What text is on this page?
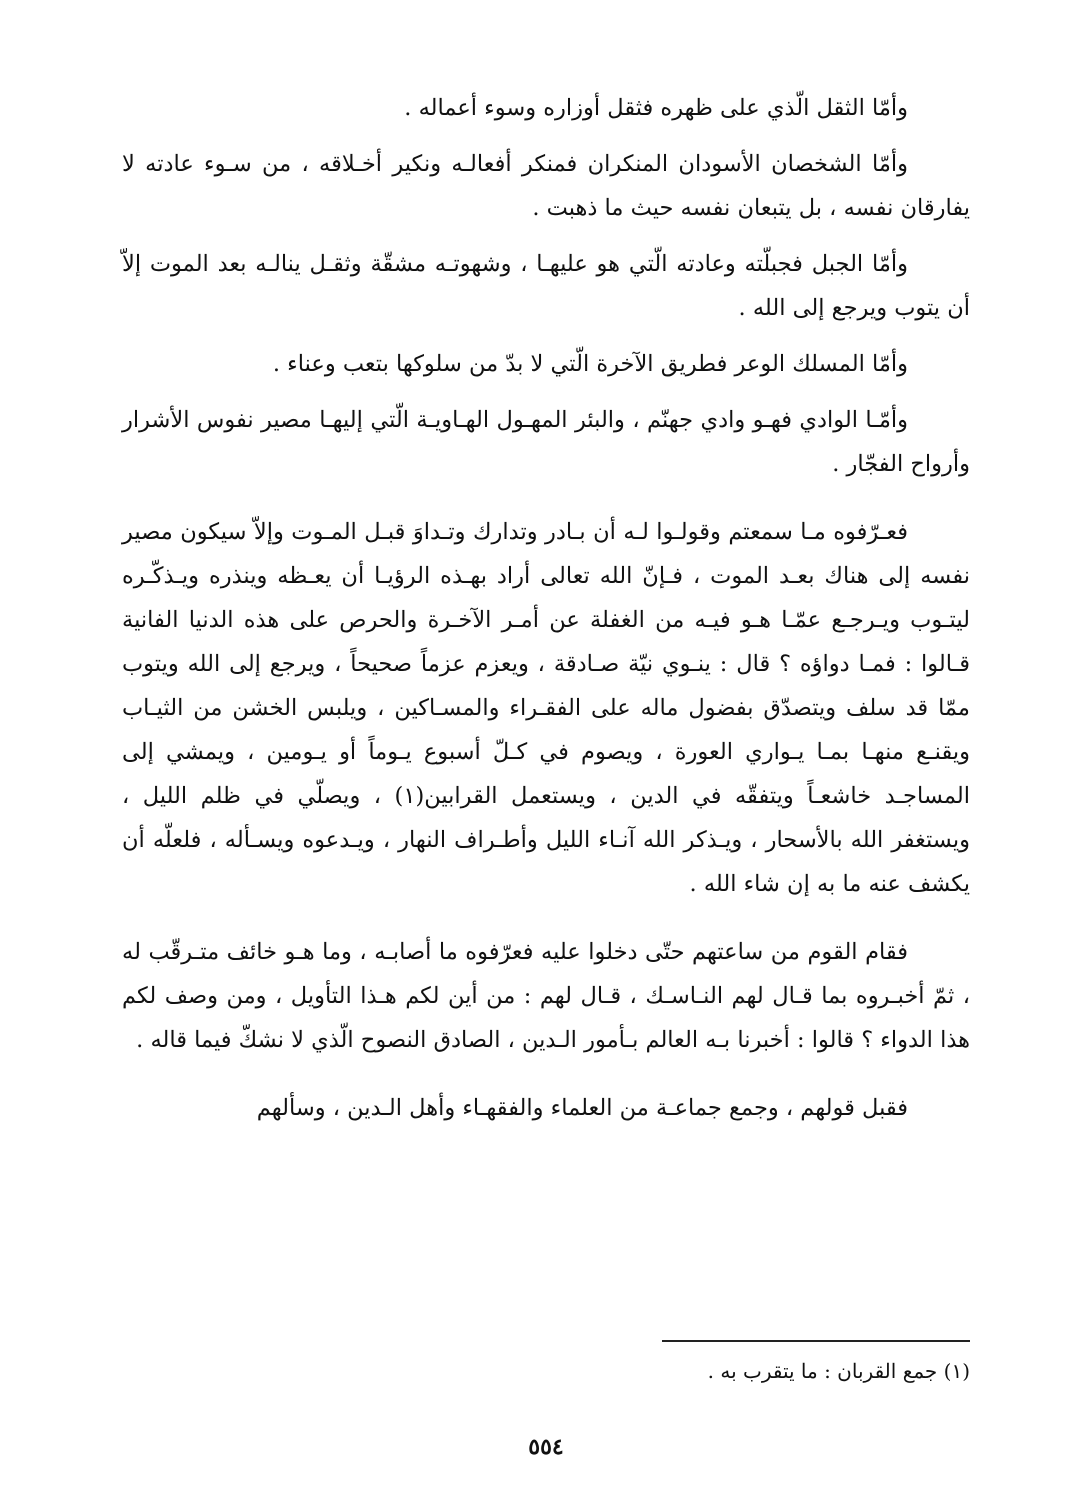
وأمّا الثقل الّذي على ظهره فثقل أوزاره وسوء أعماله .

وأمّا الشخصان الأسودان المنكران فمنكر أفعالـه ونكير أخـلاقه ، من سـوء عادته لا يفارقان نفسه ، بل يتبعان نفسه حيث ما ذهبت .

وأمّا الجبل فجبلّته وعادته الّتي هو عليهـا ، وشهوتـه مشقّة وثقـل ينالـه بعد الموت إلاّ أن يتوب ويرجع إلى الله .

وأمّا المسلك الوعر فطريق الآخرة الّتي لا بدّ من سلوكها بتعب وعناء .

وأمّـا الوادي فهـو وادي جهنّم ، والبئر المهـول الهـاويـة الّتي إليهـا مصير نفوس الأشرار وأرواح الفجّار .

فعـرّفوه مـا سمعتم وقولـوا لـه أن بـادر وتدارك وتـداوَ قبـل المـوت وإلاّ سيكون مصير نفسه إلى هناك بعـد الموت ، فـإنّ الله تعالى أراد بهـذه الرؤيـا أن يعـظه وينذره ويـذكّـره ليتـوب ويـرجـع عمّـا هـو فيـه من الغفلة عن أمـر الآخـرة والحرص على هذه الدنيا الفانية قـالوا : فمـا دواؤه ؟ قال : ينـوي نيّة صـادقة ، ويعزم عزماً صحيحاً ، ويرجع إلى الله ويتوب ممّا قد سلف ويتصدّق بفضول ماله على الفقـراء والمسـاكين ، ويلبس الخشن من الثيـاب ويقنـع منهـا بمـا يـواري العورة ، ويصوم في كـلّ أسبوع يـوماً أو يـومين ، ويمشي إلى المساجـد خاشعـاً ويتفقّه في الدين ، ويستعمل القرابين(١) ، ويصلّي في ظلم الليل ، ويستغفر الله بالأسحار ، ويـذكر الله آنـاء الليل وأطـراف النهار ، ويـدعوه ويسـأله ، فلعلّه أن يكشف عنه ما به إن شاء الله .

فقام القوم من ساعتهم حتّى دخلوا عليه فعرّفوه ما أصابـه ، وما هـو خائف متـرقّب له ، ثمّ أخبـروه بما قـال لهم النـاسـك ، قـال لهم : من أين لكم هـذا التأويل ، ومن وصف لكم هذا الدواء ؟ قالوا : أخبرنا بـه العالم بـأمور الـدين ، الصادق النصوح الّذي لا نشكّ فيما قاله .

فقبل قولهم ، وجمع جماعـة من العلماء والفقهـاء وأهل الـدين ، وسألهم

(١) جمع القربان : ما يتقرب به .
٥٥٤
